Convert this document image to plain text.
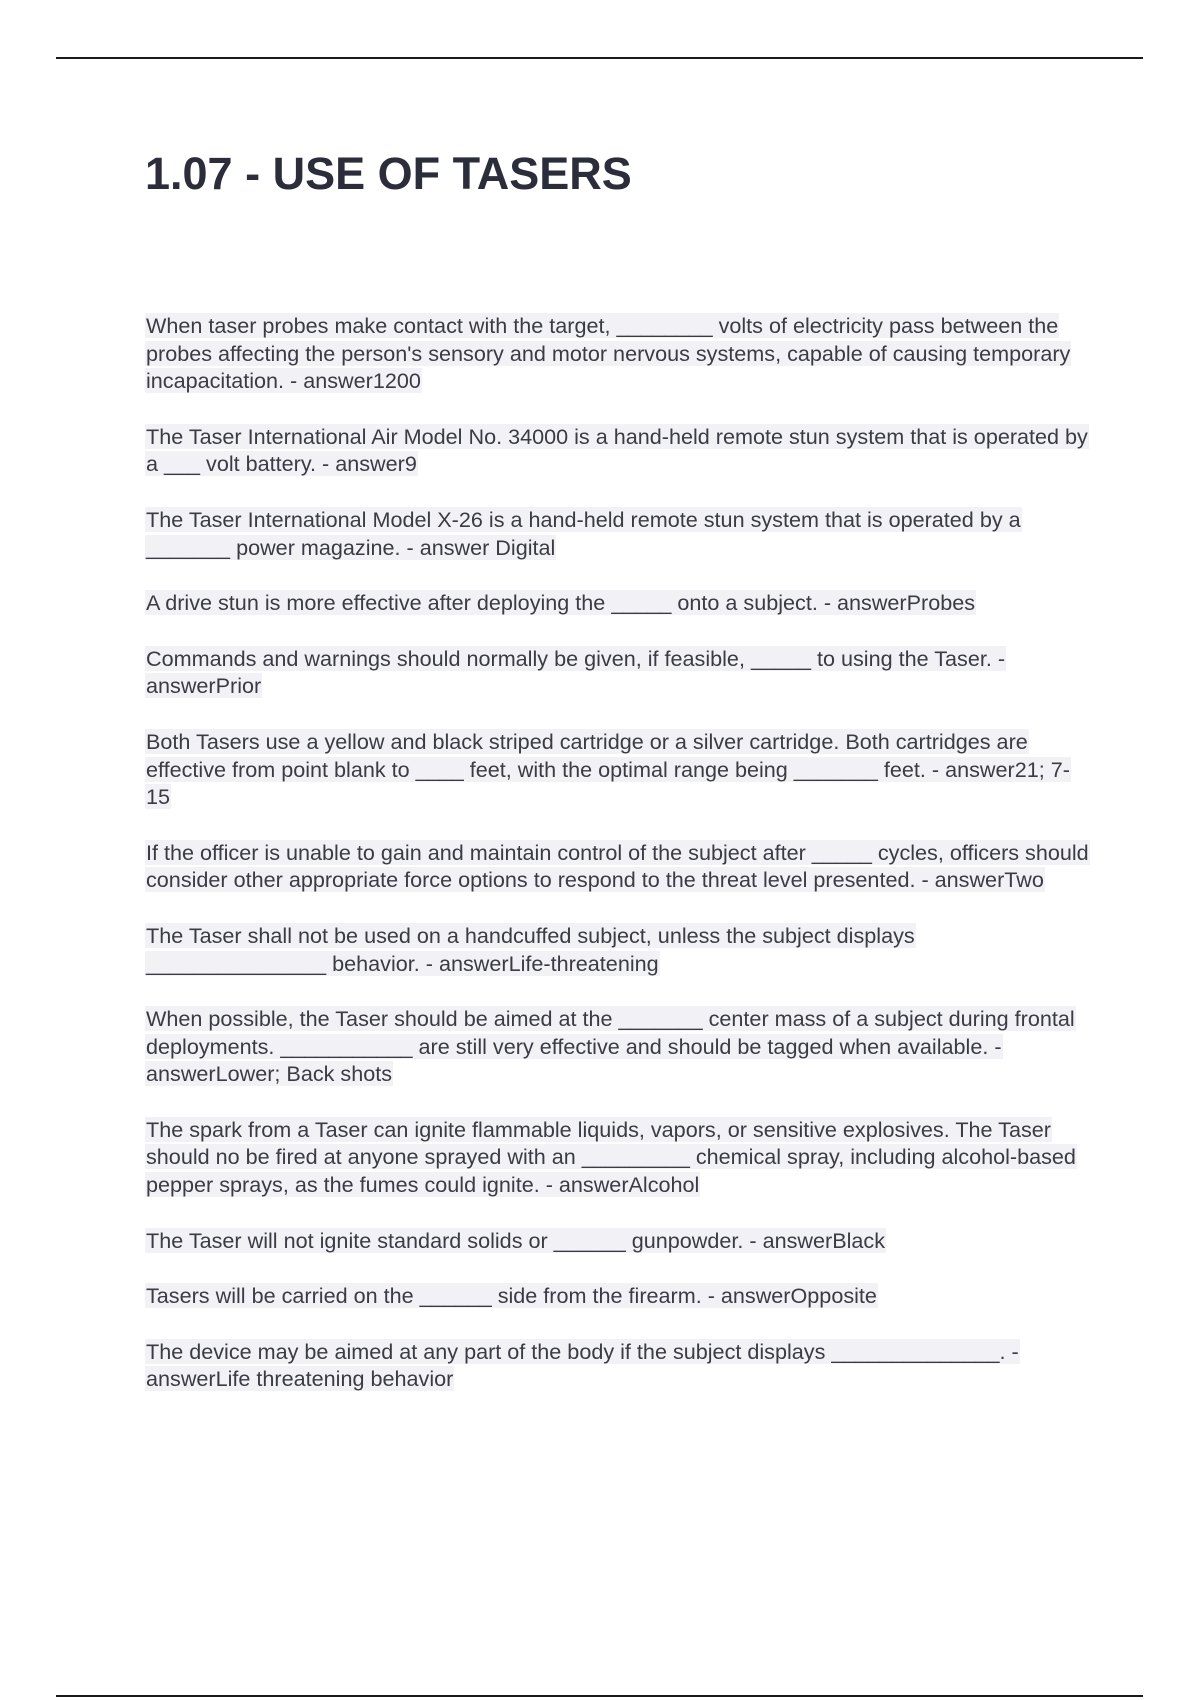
1.07 - USE OF TASERS
When taser probes make contact with the target, ________ volts of electricity pass between the probes affecting the person's sensory and motor nervous systems, capable of causing temporary incapacitation. - answer1200
The Taser International Air Model No. 34000 is a hand-held remote stun system that is operated by a ___ volt battery. - answer9
The Taser International Model X-26 is a hand-held remote stun system that is operated by a _______ power magazine. - answer Digital
A drive stun is more effective after deploying the _____ onto a subject. - answerProbes
Commands and warnings should normally be given, if feasible, _____ to using the Taser. - answerPrior
Both Tasers use a yellow and black striped cartridge or a silver cartridge. Both cartridges are effective from point blank to ____ feet, with the optimal range being _______ feet. - answer21; 7-15
If the officer is unable to gain and maintain control of the subject after _____ cycles, officers should consider other appropriate force options to respond to the threat level presented. - answerTwo
The Taser shall not be used on a handcuffed subject, unless the subject displays _______________ behavior. - answerLife-threatening
When possible, the Taser should be aimed at the _______ center mass of a subject during frontal deployments. ___________ are still very effective and should be tagged when available. - answerLower; Back shots
The spark from a Taser can ignite flammable liquids, vapors, or sensitive explosives. The Taser should no be fired at anyone sprayed with an _________ chemical spray, including alcohol-based pepper sprays, as the fumes could ignite. - answerAlcohol
The Taser will not ignite standard solids or ______ gunpowder. - answerBlack
Tasers will be carried on the ______ side from the firearm. - answerOpposite
The device may be aimed at any part of the body if the subject displays ______________. - answerLife threatening behavior
